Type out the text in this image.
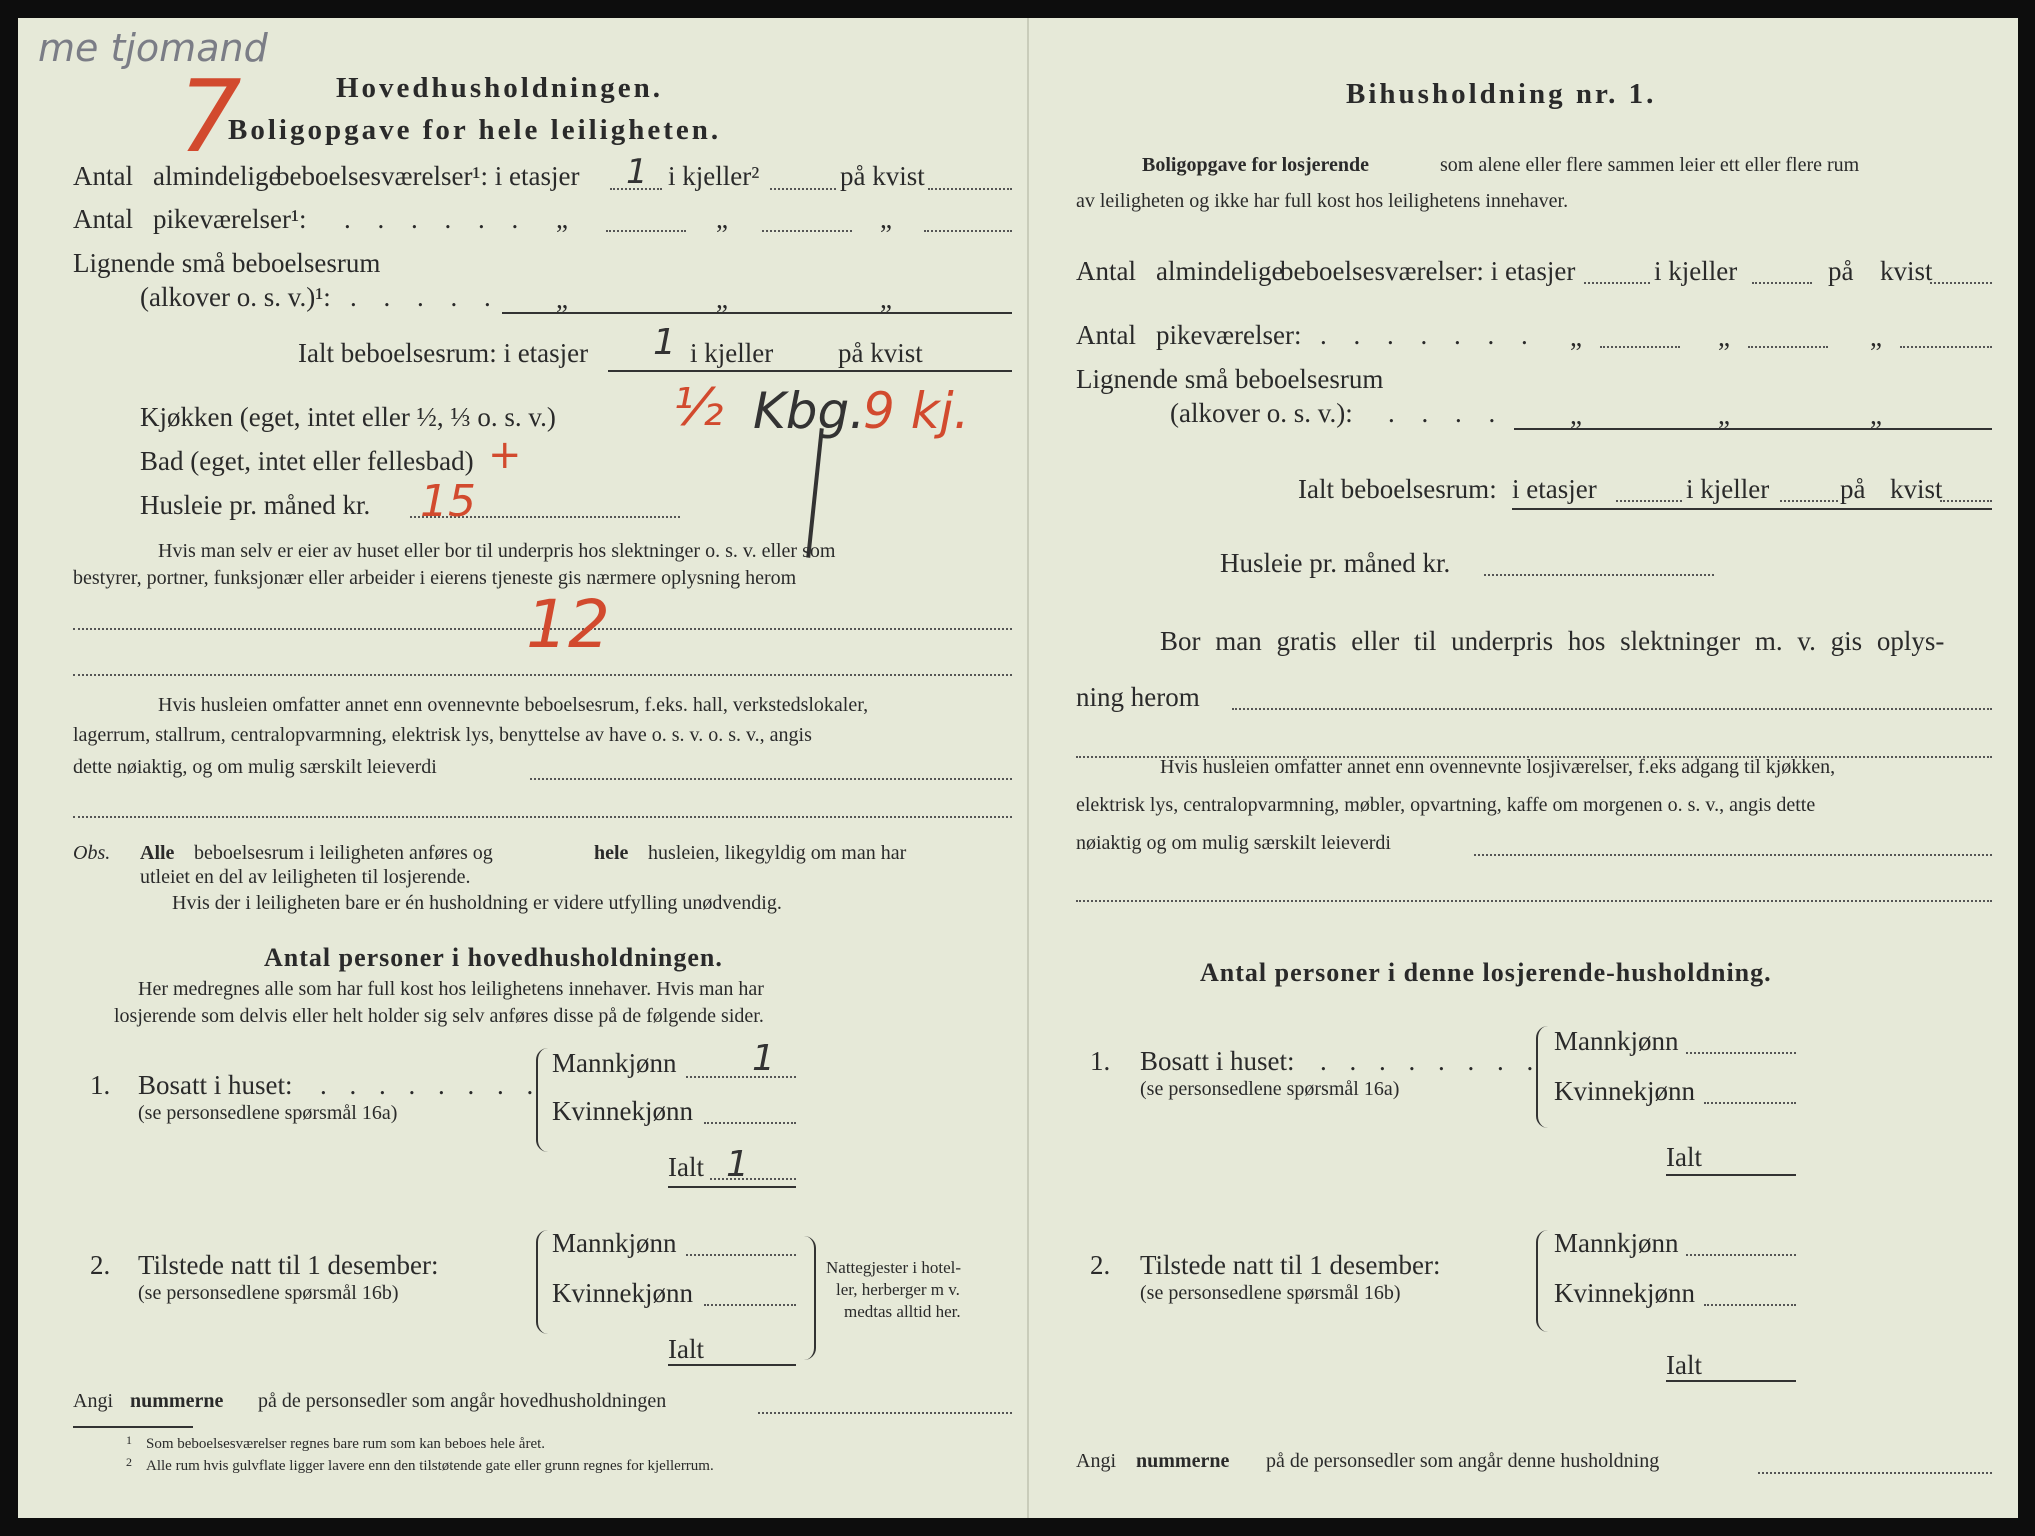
me tjomand
7	Hovedhusholdningen.
Boligopgave for hele leiligheten.
Antal almindelige
beboelsesværelser¹: i etasjer 1 i kjeller²	på kvist
Antal pikeværelser¹: . . . . . . „	„	„
Lignende små beboelsesrum
(alkover o. s. v.)¹: . . . . . „	„	„
Ialt beboelsesrum: i etasjer 1 i kjeller på kvist
Kjøkken (eget, intet eller ½, ⅓ o. s. v.) ⅟₂ Kbg.
9 kj.
Bad (eget, intet eller fellesbad) +
Husleie pr. måned kr. 15
Hvis man selv er eier av huset eller bor til underpris hos slektninger o. s. v. eller som
bestyrer, portner, funksjonær eller arbeider i eierens tjeneste gis nærmere oplysning herom
12
Hvis husleien omfatter annet enn ovennevnte beboelsesrum, f.eks. hall, verkstedslokaler,
lagerrum, stallrum, centralopvarmning, elektrisk lys, benyttelse av have o. s. v. o. s. v., angis
dette nøiaktig, og om mulig særskilt leieverdi
Obs. Alle beboelsesrum i leiligheten anføres og	hele husleien, likegyldig om man har
utleiet en del av leiligheten til losjerende.
Hvis der i leiligheten bare er én husholdning er videre utfylling unødvendig.
Antal personer i hovedhusholdningen.
Her medregnes alle som har full kost hos leilighetens innehaver. Hvis man har
losjerende som delvis eller helt holder sig selv anføres disse på de følgende sider.
1. Bosatt i huset: . . . . . . . .
(se personsedlene spørsmål 16a)
Mannkjønn 1
Kvinnekjønn
Ialt 1
2. Tilstede natt til 1 desember:
(se personsedlene spørsmål 16b)
Mannkjønn
Kvinnekjønn
Ialt
Nattegjester i hotel-
ler, herberger m v.
medtas alltid her.
Angi nummerne på de personsedler som angår hovedhusholdningen
1 Som beboelsesværelser regnes bare rum som kan beboes hele året.
2 Alle rum hvis gulvflate ligger lavere enn den tilstøtende gate eller grunn regnes for kjellerrum.
Bihusholdning nr. 1.
Boligopgave for losjerende	som alene eller flere sammen leier ett eller flere rum
av leiligheten og ikke har full kost hos leilighetens innehaver.
Antal almindelige
beboelsesværelser: i etasjer	i kjeller	på kvist
Antal pikeværelser: . . . . . . . „	„	„
Lignende små beboelsesrum
(alkover o. s. v.): . . . . „	„	„
Ialt beboelsesrum: i etasjer	i kjeller	på kvist
Husleie pr. måned kr.
Bor man gratis eller til underpris hos slektninger m. v. gis oplys-
ning herom
Hvis husleien omfatter annet enn ovennevnte losjiværelser, f.eks adgang til kjøkken,
elektrisk lys, centralopvarmning, møbler, opvartning, kaffe om morgenen o. s. v., angis dette
nøiaktig og om mulig særskilt leieverdi
Antal personer i denne losjerende-husholdning.
1. Bosatt i huset: . . . . . . . .
(se personsedlene spørsmål 16a)
Mannkjønn
Kvinnekjønn
Ialt
2. Tilstede natt til 1 desember:
(se personsedlene spørsmål 16b)
Mannkjønn
Kvinnekjønn
Ialt
Angi nummerne på de personsedler som angår denne husholdning
